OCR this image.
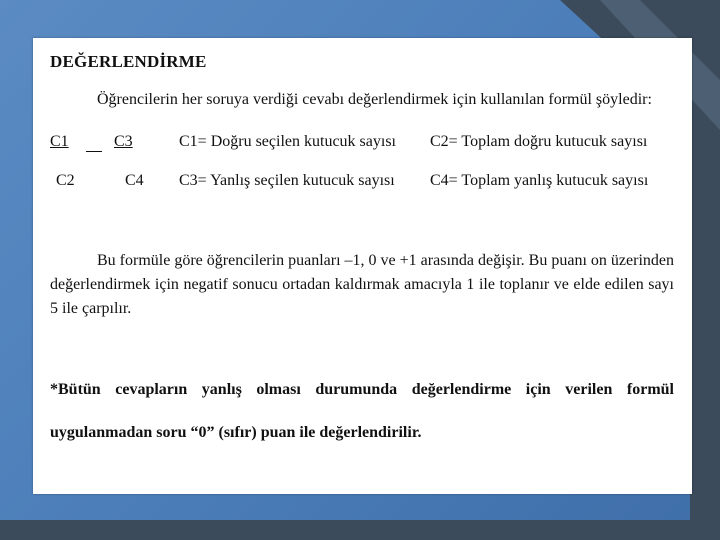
DEĞERLENDİRME
Öğrencilerin her soruya verdiği cevabı değerlendirmek için kullanılan formül şöyledir:
C1	C3	C1= Doğru seçilen kutucuk sayısı C2= Toplam doğru kutucuk sayısı
C2	C4 C3= Yanlış seçilen kutucuk sayısı C4= Toplam yanlış kutucuk sayısı
Bu formüle göre öğrencilerin puanları –1, 0 ve +1 arasında değişir. Bu puanı on üzerinden değerlendirmek için negatif sonucu ortadan kaldırmak amacıyla 1 ile toplanır ve elde edilen sayı 5 ile çarpılır.
*Bütün cevapların yanlış olması durumunda değerlendirme için verilen formül
uygulanmadan soru “0” (sıfır) puan ile değerlendirilir.
